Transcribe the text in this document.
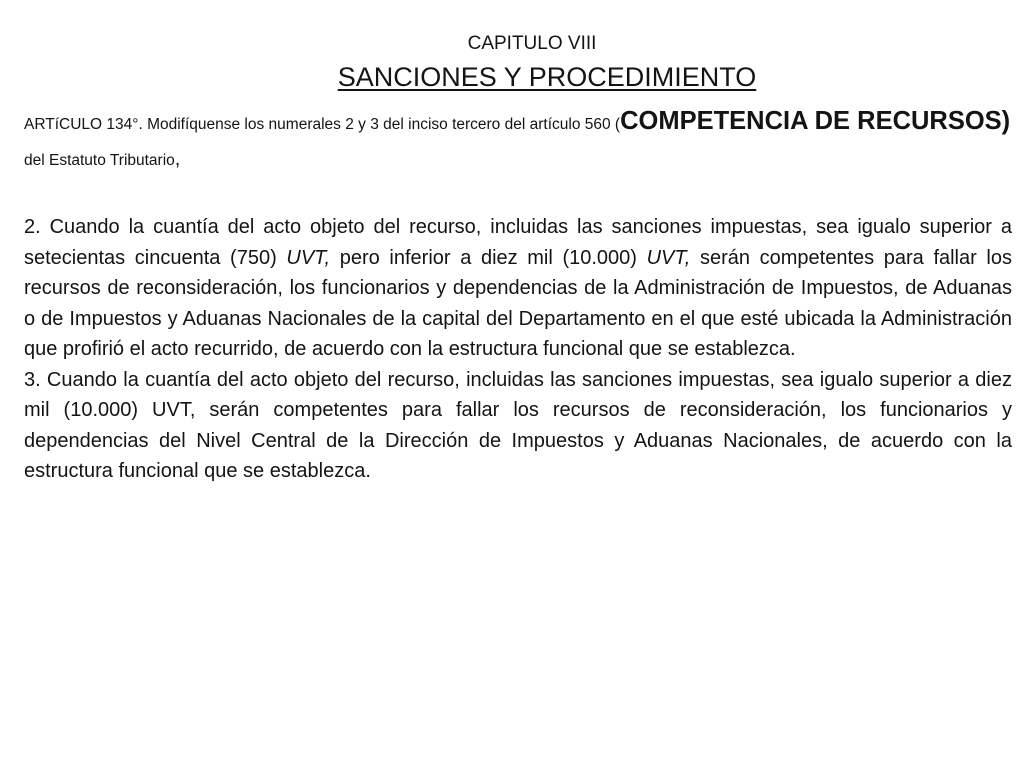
CAPITULO VIII
SANCIONES Y PROCEDIMIENTO
ARTíCULO 134°. Modifíquense los numerales 2 y 3 del inciso tercero del artículo 560 (COMPETENCIA DE RECURSOS) del Estatuto Tributario,

2. Cuando la cuantía del acto objeto del recurso, incluidas las sanciones impuestas, sea igualo superior a setecientas cincuenta (750) UVT, pero inferior a diez mil (10.000) UVT, serán competentes para fallar los recursos de reconsideración, los funcionarios y dependencias de la Administración de Impuestos, de Aduanas o de Impuestos y Aduanas Nacionales de la capital del Departamento en el que esté ubicada la Administración que profirió el acto recurrido, de acuerdo con la estructura funcional que se establezca.

3. Cuando la cuantía del acto objeto del recurso, incluidas las sanciones impuestas, sea igualo superior a diez mil (10.000) UVT, serán competentes para fallar los recursos de reconsideración, los funcionarios y dependencias del Nivel Central de la Dirección de Impuestos y Aduanas Nacionales, de acuerdo con la estructura funcional que se establezca.
